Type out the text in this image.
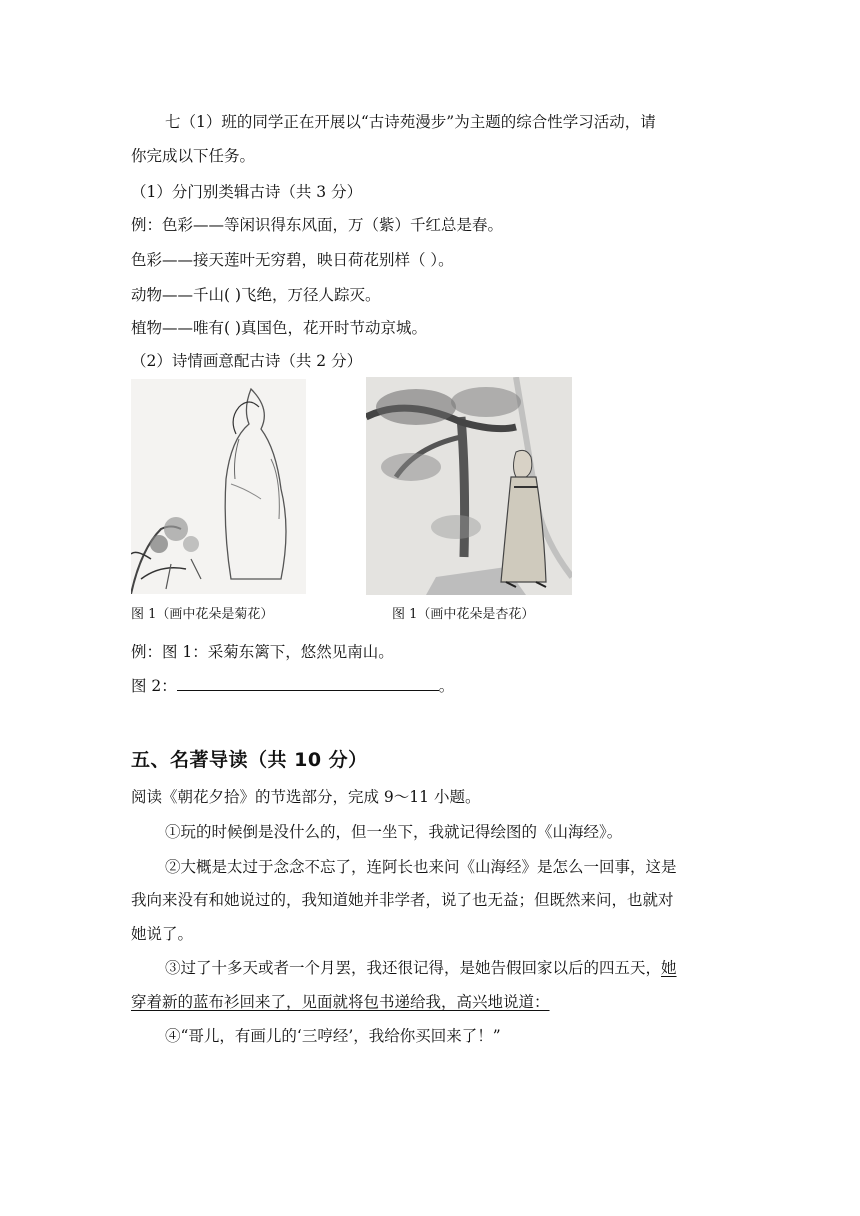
七（1）班的同学正在开展以“古诗苑漫步”为主题的综合性学习活动，请
你完成以下任务。
（1）分门别类辑古诗（共 3 分）
例：色彩——等闲识得东风面，万（紫）千红总是春。
色彩——接天莲叶无穷碧，映日荷花别样（ ）。
动物——千山( )飞绝，万径人踪灭。
植物——唯有( )真国色，花开时节动京城。
（2）诗情画意配古诗（共 2 分）
图 1（画中花朵是菊花）	图 1（画中花朵是杏花）
例：图 1：采菊东篱下，悠然见南山。
图 2：	。
五、名著导读（共 10 分）
阅读《朝花夕拾》的节选部分，完成 9～11 小题。
①玩的时候倒是没什么的，但一坐下，我就记得绘图的《山海经》。
②大概是太过于念念不忘了，连阿长也来问《山海经》是怎么一回事，这是
我向来没有和她说过的，我知道她并非学者，说了也无益；但既然来问，也就对
她说了。
③过了十多天或者一个月罢，我还很记得，是她告假回家以后的四五天，她
穿着新的蓝布衫回来了，见面就将包书递给我，高兴地说道：
④“哥儿，有画儿的‘三哼经’，我给你买回来了！”
